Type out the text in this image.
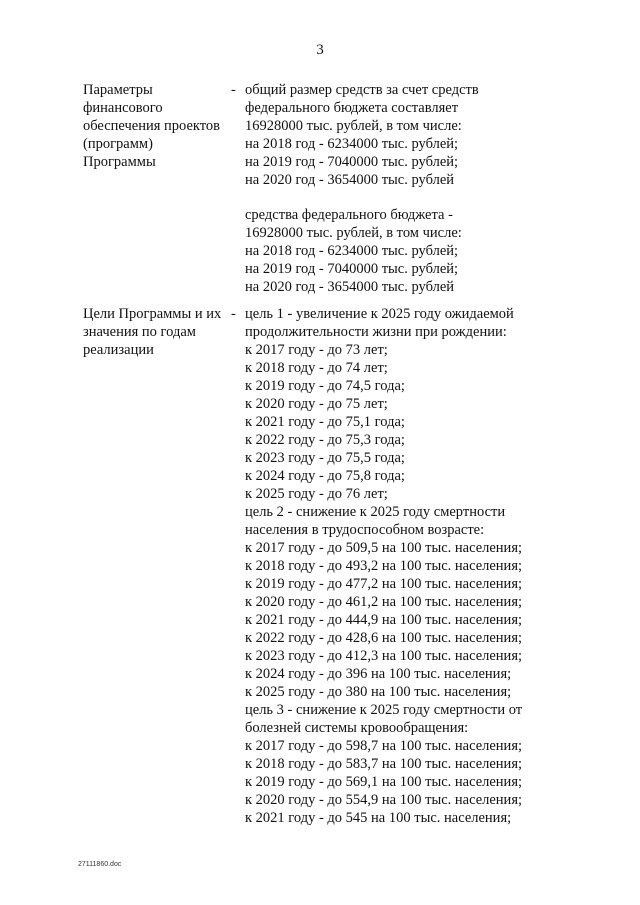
3
Параметры
финансового
обеспечения проектов
(программ)
Программы
- общий размер средств за счет средств
федерального бюджета составляет
16928000 тыс. рублей, в том числе:
на 2018 год - 6234000 тыс. рублей;
на 2019 год - 7040000 тыс. рублей;
на 2020 год - 3654000 тыс. рублей
средства федерального бюджета -
16928000 тыс. рублей, в том числе:
на 2018 год - 6234000 тыс. рублей;
на 2019 год - 7040000 тыс. рублей;
на 2020 год - 3654000 тыс. рублей
Цели Программы и их
значения по годам
реализации
- цель 1 - увеличение к 2025 году ожидаемой
продолжительности жизни при рождении:
к 2017 году - до 73 лет;
к 2018 году - до 74 лет;
к 2019 году - до 74,5 года;
к 2020 году - до 75 лет;
к 2021 году - до 75,1 года;
к 2022 году - до 75,3 года;
к 2023 году - до 75,5 года;
к 2024 году - до 75,8 года;
к 2025 году - до 76 лет;
цель 2 - снижение к 2025 году смертности
населения в трудоспособном возрасте:
к 2017 году - до 509,5 на 100 тыс. населения;
к 2018 году - до 493,2 на 100 тыс. населения;
к 2019 году - до 477,2 на 100 тыс. населения;
к 2020 году - до 461,2 на 100 тыс. населения;
к 2021 году - до 444,9 на 100 тыс. населения;
к 2022 году - до 428,6 на 100 тыс. населения;
к 2023 году - до 412,3 на 100 тыс. населения;
к 2024 году - до 396 на 100 тыс. населения;
к 2025 году - до 380 на 100 тыс. населения;
цель 3 - снижение к 2025 году смертности от
болезней системы кровообращения:
к 2017 году - до 598,7 на 100 тыс. населения;
к 2018 году - до 583,7 на 100 тыс. населения;
к 2019 году - до 569,1 на 100 тыс. населения;
к 2020 году - до 554,9 на 100 тыс. населения;
к 2021 году - до 545 на 100 тыс. населения;
27111860.doc
